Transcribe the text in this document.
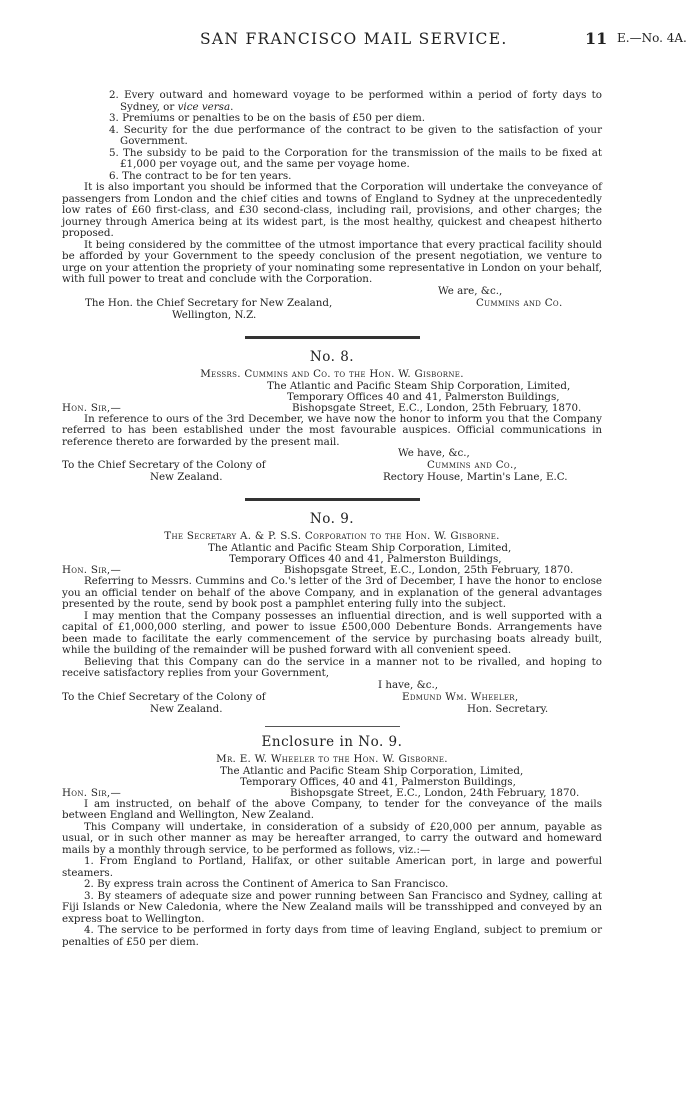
SAN FRANCISCO MAIL SERVICE.	11 E.—No. 4A.

2. Every outward and homeward voyage to be performed within a period of forty days to Sydney, or vice versa.

3. Premiums or penalties to be on the basis of £50 per diem.

4. Security for the due performance of the contract to be given to the satisfaction of your Government.

5. The subsidy to be paid to the Corporation for the transmission of the mails to be fixed at £1,000 per voyage out, and the same per voyage home.

6. The contract to be for ten years.

It is also important you should be informed that the Corporation will undertake the conveyance of passengers from London and the chief cities and towns of England to Sydney at the unprecedentedly low rates of £60 first-class, and £30 second-class, including rail, provisions, and other charges; the journey through America being at its widest part, is the most healthy, quickest and cheapest hitherto proposed.

It being considered by the committee of the utmost importance that every practical facility should be afforded by your Government to the speedy conclusion of the present negotiation, we venture to urge on your attention the propriety of your nominating some representative in London on your behalf, with full power to treat and conclude with the Corporation.

We are, &c.,
The Hon. the Chief Secretary for New Zealand,	Cummins and Co.
Wellington, N.Z.

No. 8.

Messrs. Cummins and Co. to the Hon. W. Gisborne.

The Atlantic and Pacific Steam Ship Corporation, Limited,

Temporary Offices 40 and 41, Palmerston Buildings,

Hon. Sir,—	Bishopsgate Street, E.C., London, 25th February, 1870.

In reference to ours of the 3rd December, we have now the honor to inform you that the Company referred to has been established under the most favourable auspices. Official communications in reference thereto are forwarded by the present mail.

We have, &c.,
To the Chief Secretary of the Colony of	Cummins and Co.,
New Zealand.	Rectory House, Martin's Lane, E.C.

No. 9.

The Secretary A. & P. S.S. Corporation to the Hon. W. Gisborne.

The Atlantic and Pacific Steam Ship Corporation, Limited,

Temporary Offices 40 and 41, Palmerston Buildings,

Hon. Sir,—	Bishopsgate Street, E.C., London, 25th February, 1870.

Referring to Messrs. Cummins and Co.'s letter of the 3rd of December, I have the honor to enclose you an official tender on behalf of the above Company, and in explanation of the general advantages presented by the route, send by book post a pamphlet entering fully into the subject.

I may mention that the Company possesses an influential direction, and is well supported with a capital of £1,000,000 sterling, and power to issue £500,000 Debenture Bonds. Arrangements have been made to facilitate the early commencement of the service by purchasing boats already built, while the building of the remainder will be pushed forward with all convenient speed.

Believing that this Company can do the service in a manner not to be rivalled, and hoping to receive satisfactory replies from your Government,

I have, &c.,
To the Chief Secretary of the Colony of	Edmund Wm. Wheeler,
New Zealand.	Hon. Secretary.

Enclosure in No. 9.

Mr. E. W. Wheeler to the Hon. W. Gisborne.

The Atlantic and Pacific Steam Ship Corporation, Limited,

Temporary Offices, 40 and 41, Palmerston Buildings,

Hon. Sir,—	Bishopsgate Street, E.C., London, 24th February, 1870.

I am instructed, on behalf of the above Company, to tender for the conveyance of the mails between England and Wellington, New Zealand.

This Company will undertake, in consideration of a subsidy of £20,000 per annum, payable as usual, or in such other manner as may be hereafter arranged, to carry the outward and homeward mails by a monthly through service, to be performed as follows, viz.:—

1. From England to Portland, Halifax, or other suitable American port, in large and powerful steamers.

2. By express train across the Continent of America to San Francisco.

3. By steamers of adequate size and power running between San Francisco and Sydney, calling at Fiji Islands or New Caledonia, where the New Zealand mails will be transshipped and conveyed by an express boat to Wellington.

4. The service to be performed in forty days from time of leaving England, subject to premium or penalties of £50 per diem.
